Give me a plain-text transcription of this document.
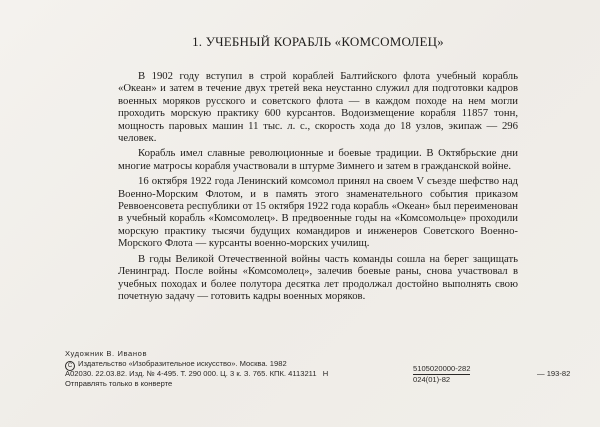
1. УЧЕБНЫЙ КОРАБЛЬ «КОМСОМОЛЕЦ»

В 1902 году вступил в строй кораблей Балтийского флота учебный корабль «Океан» и затем в течение двух третей века неустанно служил для подготовки кадров военных моряков русского и советского флота — в каждом походе на нем могли проходить морскую практику 600 курсантов. Водоизмещение корабля 11857 тонн, мощность паровых машин 11 тыс. л. с., скорость хода до 18 узлов, экипаж — 296 человек.

Корабль имел славные революционные и боевые традиции. В Октябрьские дни многие матросы корабля участвовали в штурме Зимнего и затем в гражданской войне.

16 октября 1922 года Ленинский комсомол принял на своем V съезде шефство над Военно-Морским Флотом, и в память этого знаменательного события приказом Реввоенсовета республики от 15 октября 1922 года корабль «Океан» был переименован в учебный корабль «Комсомолец». В предвоенные годы на «Комсомольце» проходили морскую практику тысячи будущих командиров и инженеров Советского Военно-Морского Флота — курсанты военно-морских училищ.

В годы Великой Отечественной войны часть команды сошла на берег защищать Ленинград. После войны «Комсомолец», залечив боевые раны, снова участвовал в учебных походах и более полутора десятка лет продолжал достойно выполнять свою почетную задачу — готовить кадры военных моряков.

Художник В. Иванов
С Издательство «Изобразительное искусство». Москва. 1982
А02030. 22.03.82. Изд. № 4-495. Т. 290 000. Ц. 3 к. З. 765. КПК. 4113211 Н
Отправлять только в конверте
5105020000-282
024(01)-82
— 193-82
